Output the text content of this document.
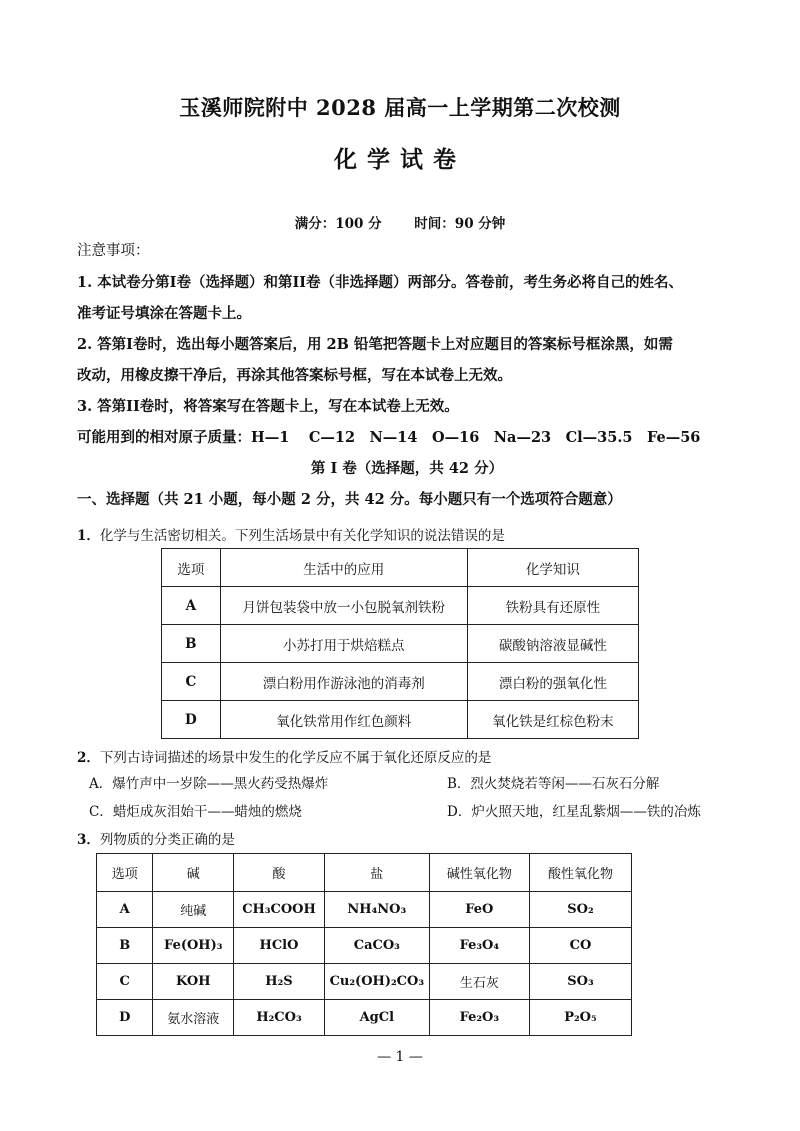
玉溪师院附中 2028 届高一上学期第二次校测
化学试卷
满分：100 分 时间：90 分钟

注意事项：

1. 本试卷分第I卷（选择题）和第II卷（非选择题）两部分。答卷前，考生务必将自己的姓名、

准考证号填涂在答题卡上。

2. 答第I卷时，选出每小题答案后，用 2B 铅笔把答题卡上对应题目的答案标号框涂黑，如需

改动，用橡皮擦干净后，再涂其他答案标号框，写在本试卷上无效。

3. 答第II卷时，将答案写在答题卡上，写在本试卷上无效。

可能用到的相对原子质量：H—1　 C—12　N—14　O—16　Na—23　Cl—35.5　Fe—56

第 I 卷（选择题，共 42 分）

一、选择题（共 21 小题，每小题 2 分，共 42 分。每小题只有一个选项符合题意）

1．化学与生活密切相关。下列生活场景中有关化学知识的说法错误的是
选项	生活中的应用	化学知识
A	月饼包装袋中放一小包脱氧剂铁粉	铁粉具有还原性
B	小苏打用于烘焙糕点	碳酸钠溶液显碱性
C	漂白粉用作游泳池的消毒剂	漂白粉的强氧化性
D	氧化铁常用作红色颜料	氧化铁是红棕色粉末
2．下列古诗词描述的场景中发生的化学反应不属于氧化还原反应的是
A．爆竹声中一岁除——黑火药受热爆炸	B．烈火焚烧若等闲——石灰石分解
C．蜡炬成灰泪始干——蜡烛的燃烧	D．炉火照天地，红星乱紫烟——铁的冶炼
3．列物质的分类正确的是
选项	碱	酸	盐	碱性氧化物	酸性氧化物
A	纯碱	CH₃COOH	NH₄NO₃	FeO	SO₂
B	Fe(OH)₃	HClO	CaCO₃	Fe₃O₄	CO
C	KOH	H₂S	Cu₂(OH)₂CO₃	生石灰	SO₃
D	氨水溶液	H₂CO₃	AgCl	Fe₂O₃	P₂O₅
— 1 —
